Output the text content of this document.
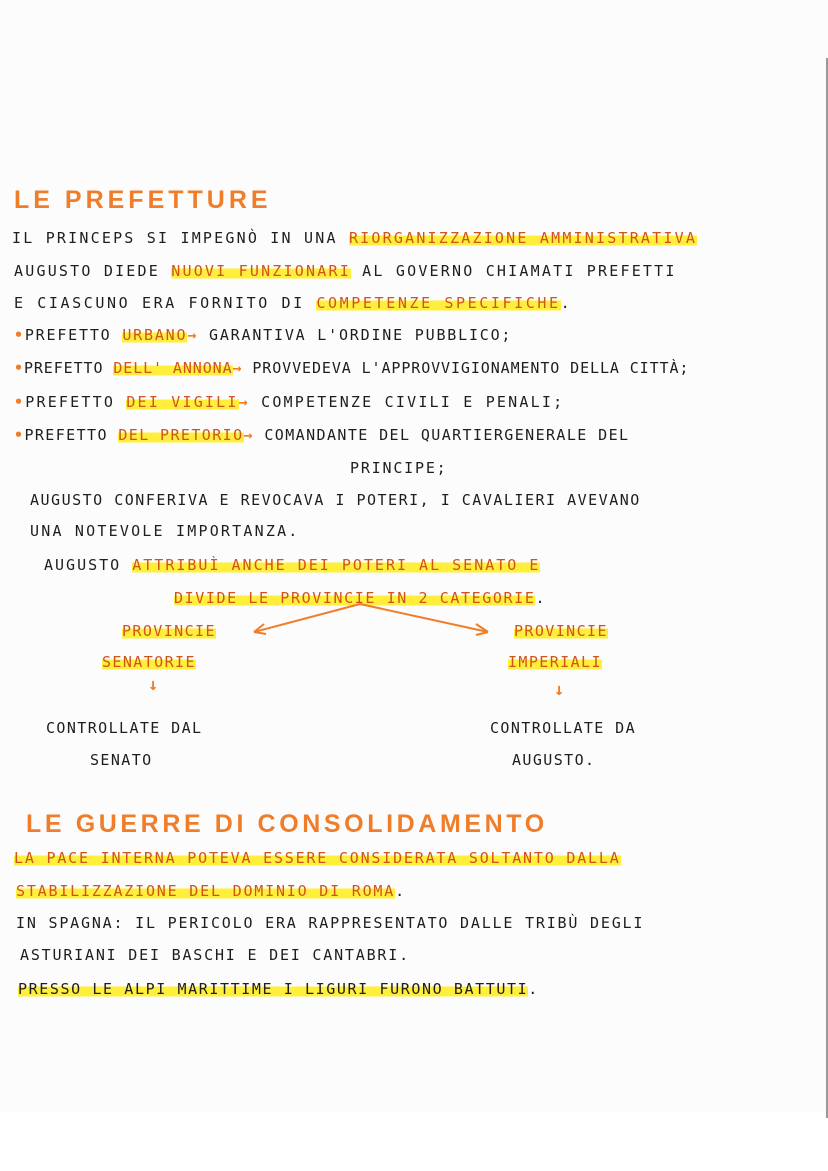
LE PREFETTURE
IL PRINCEPS SI IMPEGNÒ IN UNA RIORGANIZZAZIONE AMMINISTRATIVA
AUGUSTO DIEDE NUOVI FUNZIONARI AL GOVERNO CHIAMATI PREFETTI
E CIASCUNO ERA FORNITO DI COMPETENZE SPECIFICHE.
•PREFETTO URBANO→ GARANTIVA L'ORDINE PUBBLICO;
•PREFETTO DELL' ANNONA→ PROVVEDEVA L'APPROVVIGIONAMENTO DELLA CITTÀ;
•PREFETTO DEI VIGILI→ COMPETENZE CIVILI E PENALI;
•PREFETTO DEL PRETORIO→ COMANDANTE DEL QUARTIERGENERALE DEL
PRINCIPE;
AUGUSTO CONFERIVA E REVOCAVA I POTERI, I CAVALIERI AVEVANO
UNA NOTEVOLE IMPORTANZA.
AUGUSTO ATTRIBUÌ ANCHE DEI POTERI AL SENATO E
DIVIDE LE PROVINCIE IN 2 CATEGORIE.
PROVINCIE
SENATORIE
PROVINCIE
IMPERIALI
↓	↓
CONTROLLATE DAL
SENATO
CONTROLLATE DA
AUGUSTO.
LE GUERRE DI CONSOLIDAMENTO
LA PACE INTERNA POTEVA ESSERE CONSIDERATA SOLTANTO DALLA
STABILIZZAZIONE DEL DOMINIO DI ROMA.
IN SPAGNA: IL PERICOLO ERA RAPPRESENTATO DALLE TRIBÙ DEGLI
ASTURIANI DEI BASCHI E DEI CANTABRI.
PRESSO LE ALPI MARITTIME I LIGURI FURONO BATTUTI.
